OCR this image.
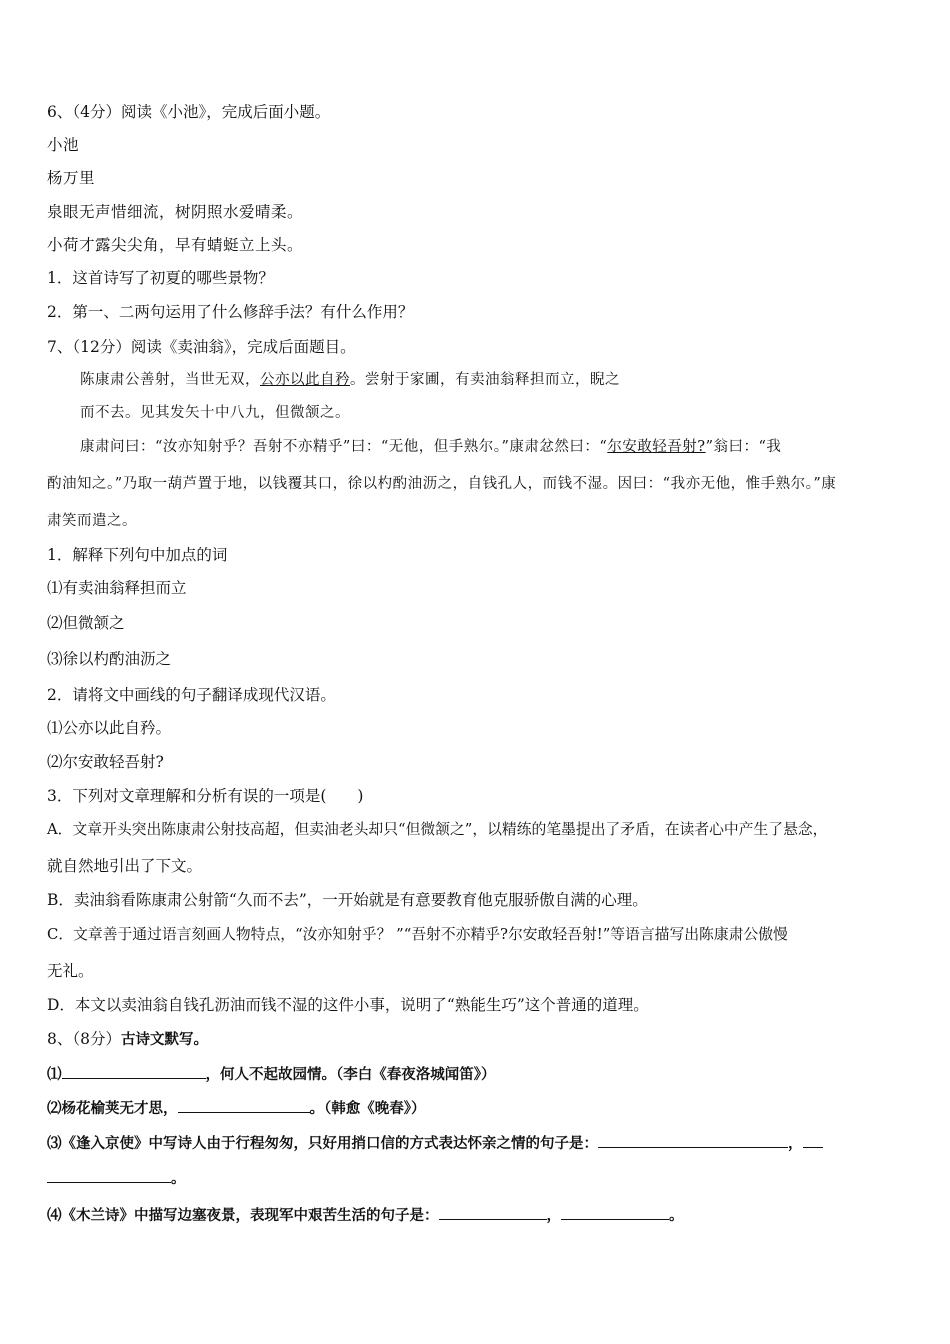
6、（4分）阅读《小池》，完成后面小题。
小池
杨万里
泉眼无声惜细流，树阴照水爱晴柔。
小荷才露尖尖角，早有蜻蜓立上头。
1．这首诗写了初夏的哪些景物？
2．第一、二两句运用了什么修辞手法？有什么作用？
7、（12分）阅读《卖油翁》，完成后面题目。
陈康肃公善射，当世无双，公亦以此自矜。尝射于家圃，有卖油翁释担而立，睨之
而不去。见其发矢十中八九，但微颔之。
康肃问曰：“汝亦知射乎？吾射不亦精乎”曰：“无他，但手熟尔。”康肃忿然曰：“尔安敢轻吾射?”翁曰：“我
酌油知之。”乃取一葫芦置于地，以钱覆其口，徐以杓酌油沥之，自钱孔人，而钱不湿。因曰：“我亦无他，惟手熟尔。”康
肃笑而遣之。
1．解释下列句中加点的词
⑴有卖油翁释担而立
⑵但微颔之
⑶徐以杓酌油沥之
2．请将文中画线的句子翻译成现代汉语。
⑴公亦以此自矜。
⑵尔安敢轻吾射?
3．下列对文章理解和分析有误的一项是(　　)
A．文章开头突出陈康肃公射技高超，但卖油老头却只“但微颔之”，以精练的笔墨提出了矛盾，在读者心中产生了悬念，
就自然地引出了下文。
B．卖油翁看陈康肃公射箭“久而不去”，一开始就是有意要教育他克服骄傲自满的心理。
C．文章善于通过语言刻画人物特点，“汝亦知射乎？ ”“吾射不亦精乎?尔安敢轻吾射!”等语言描写出陈康肃公傲慢
无礼。
D．本文以卖油翁自钱孔沥油而钱不湿的这件小事，说明了“熟能生巧”这个普通的道理。
8、（8分）古诗文默写。
⑴	，何人不起故园情。（李白《春夜洛城闻笛》）
⑵杨花榆荚无才思，	。（韩愈《晚春》）
⑶《逢入京使》中写诗人由于行程匆匆，只好用捎口信的方式表达怀亲之情的句子是：	，
。
⑷《木兰诗》中描写边塞夜景，表现军中艰苦生活的句子是：	，	。
